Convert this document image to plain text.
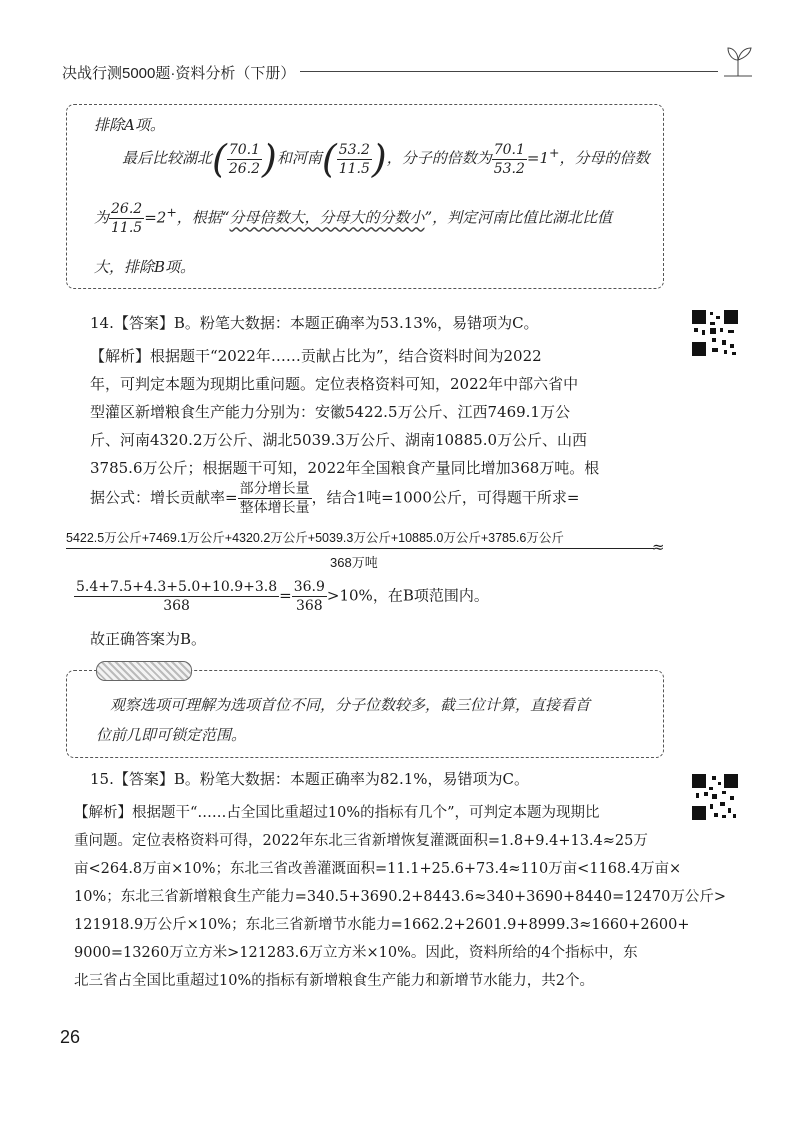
决战行测5000题·资料分析（下册）
排除A项。
最后比较湖北( $\frac{70.1}{26.2}$ )和河南( $\frac{53.2}{11.5}$ )，分子的倍数为 $\frac{70.1}{53.2} =1^+$，分母的倍数
为 $\frac{26.2}{11.5} =2^+$，根据“分母倍数大，分母大的分数小”，判定河南比值比湖北比值
大，排除B项。
14.【答案】B。粉笔大数据：本题正确率为53.13%，易错项为C。
【解析】根据题干“2022年……贡献占比为”，结合资料时间为2022
年，可判定本题为现期比重问题。定位表格资料可知，2022年中部六省中
型灌区新增粮食生产能力分别为：安徽5422.5万公斤、江西7469.1万公
斤、河南4320.2万公斤、湖北5039.3万公斤、湖南10885.0万公斤、山西
3785.6万公斤；根据题干可知，2022年全国粮食产量同比增加368万吨。根
据公式：增长贡献率= $\frac{\text{部分增长量}}{\text{整体增长量}}$ ，结合1吨=1000公斤，可得题干所求=
5422.5万公斤+7469.1万公斤+4320.2万公斤+5039.3万公斤+10885.0万公斤+3785.6万公斤	≈
368万吨
$\frac{5.4+7.5+4.3+5.0+10.9+3.8}{368} = \frac{36.9}{368} >10\%$，在B项范围内。
故正确答案为B。
观察选项可理解为选项首位不同，分子位数较多，截三位计算，直接看首
位前几即可锁定范围。
15.【答案】B。粉笔大数据：本题正确率为82.1%，易错项为C。
【解析】根据题干“……占全国比重超过10%的指标有几个”，可判定本题为现期比
重问题。定位表格资料可得，2022年东北三省新增恢复灌溉面积=1.8+9.4+13.4≈25万
亩<264.8万亩×10%；东北三省改善灌溉面积=11.1+25.6+73.4≈110万亩<1168.4万亩×
10%；东北三省新增粮食生产能力=340.5+3690.2+8443.6≈340+3690+8440=12470万公斤>
121918.9万公斤×10%；东北三省新增节水能力=1662.2+2601.9+8999.3≈1660+2600+
9000=13260万立方米>121283.6万立方米×10%。因此，资料所给的4个指标中，东
北三省占全国比重超过10%的指标有新增粮食生产能力和新增节水能力，共2个。
26
